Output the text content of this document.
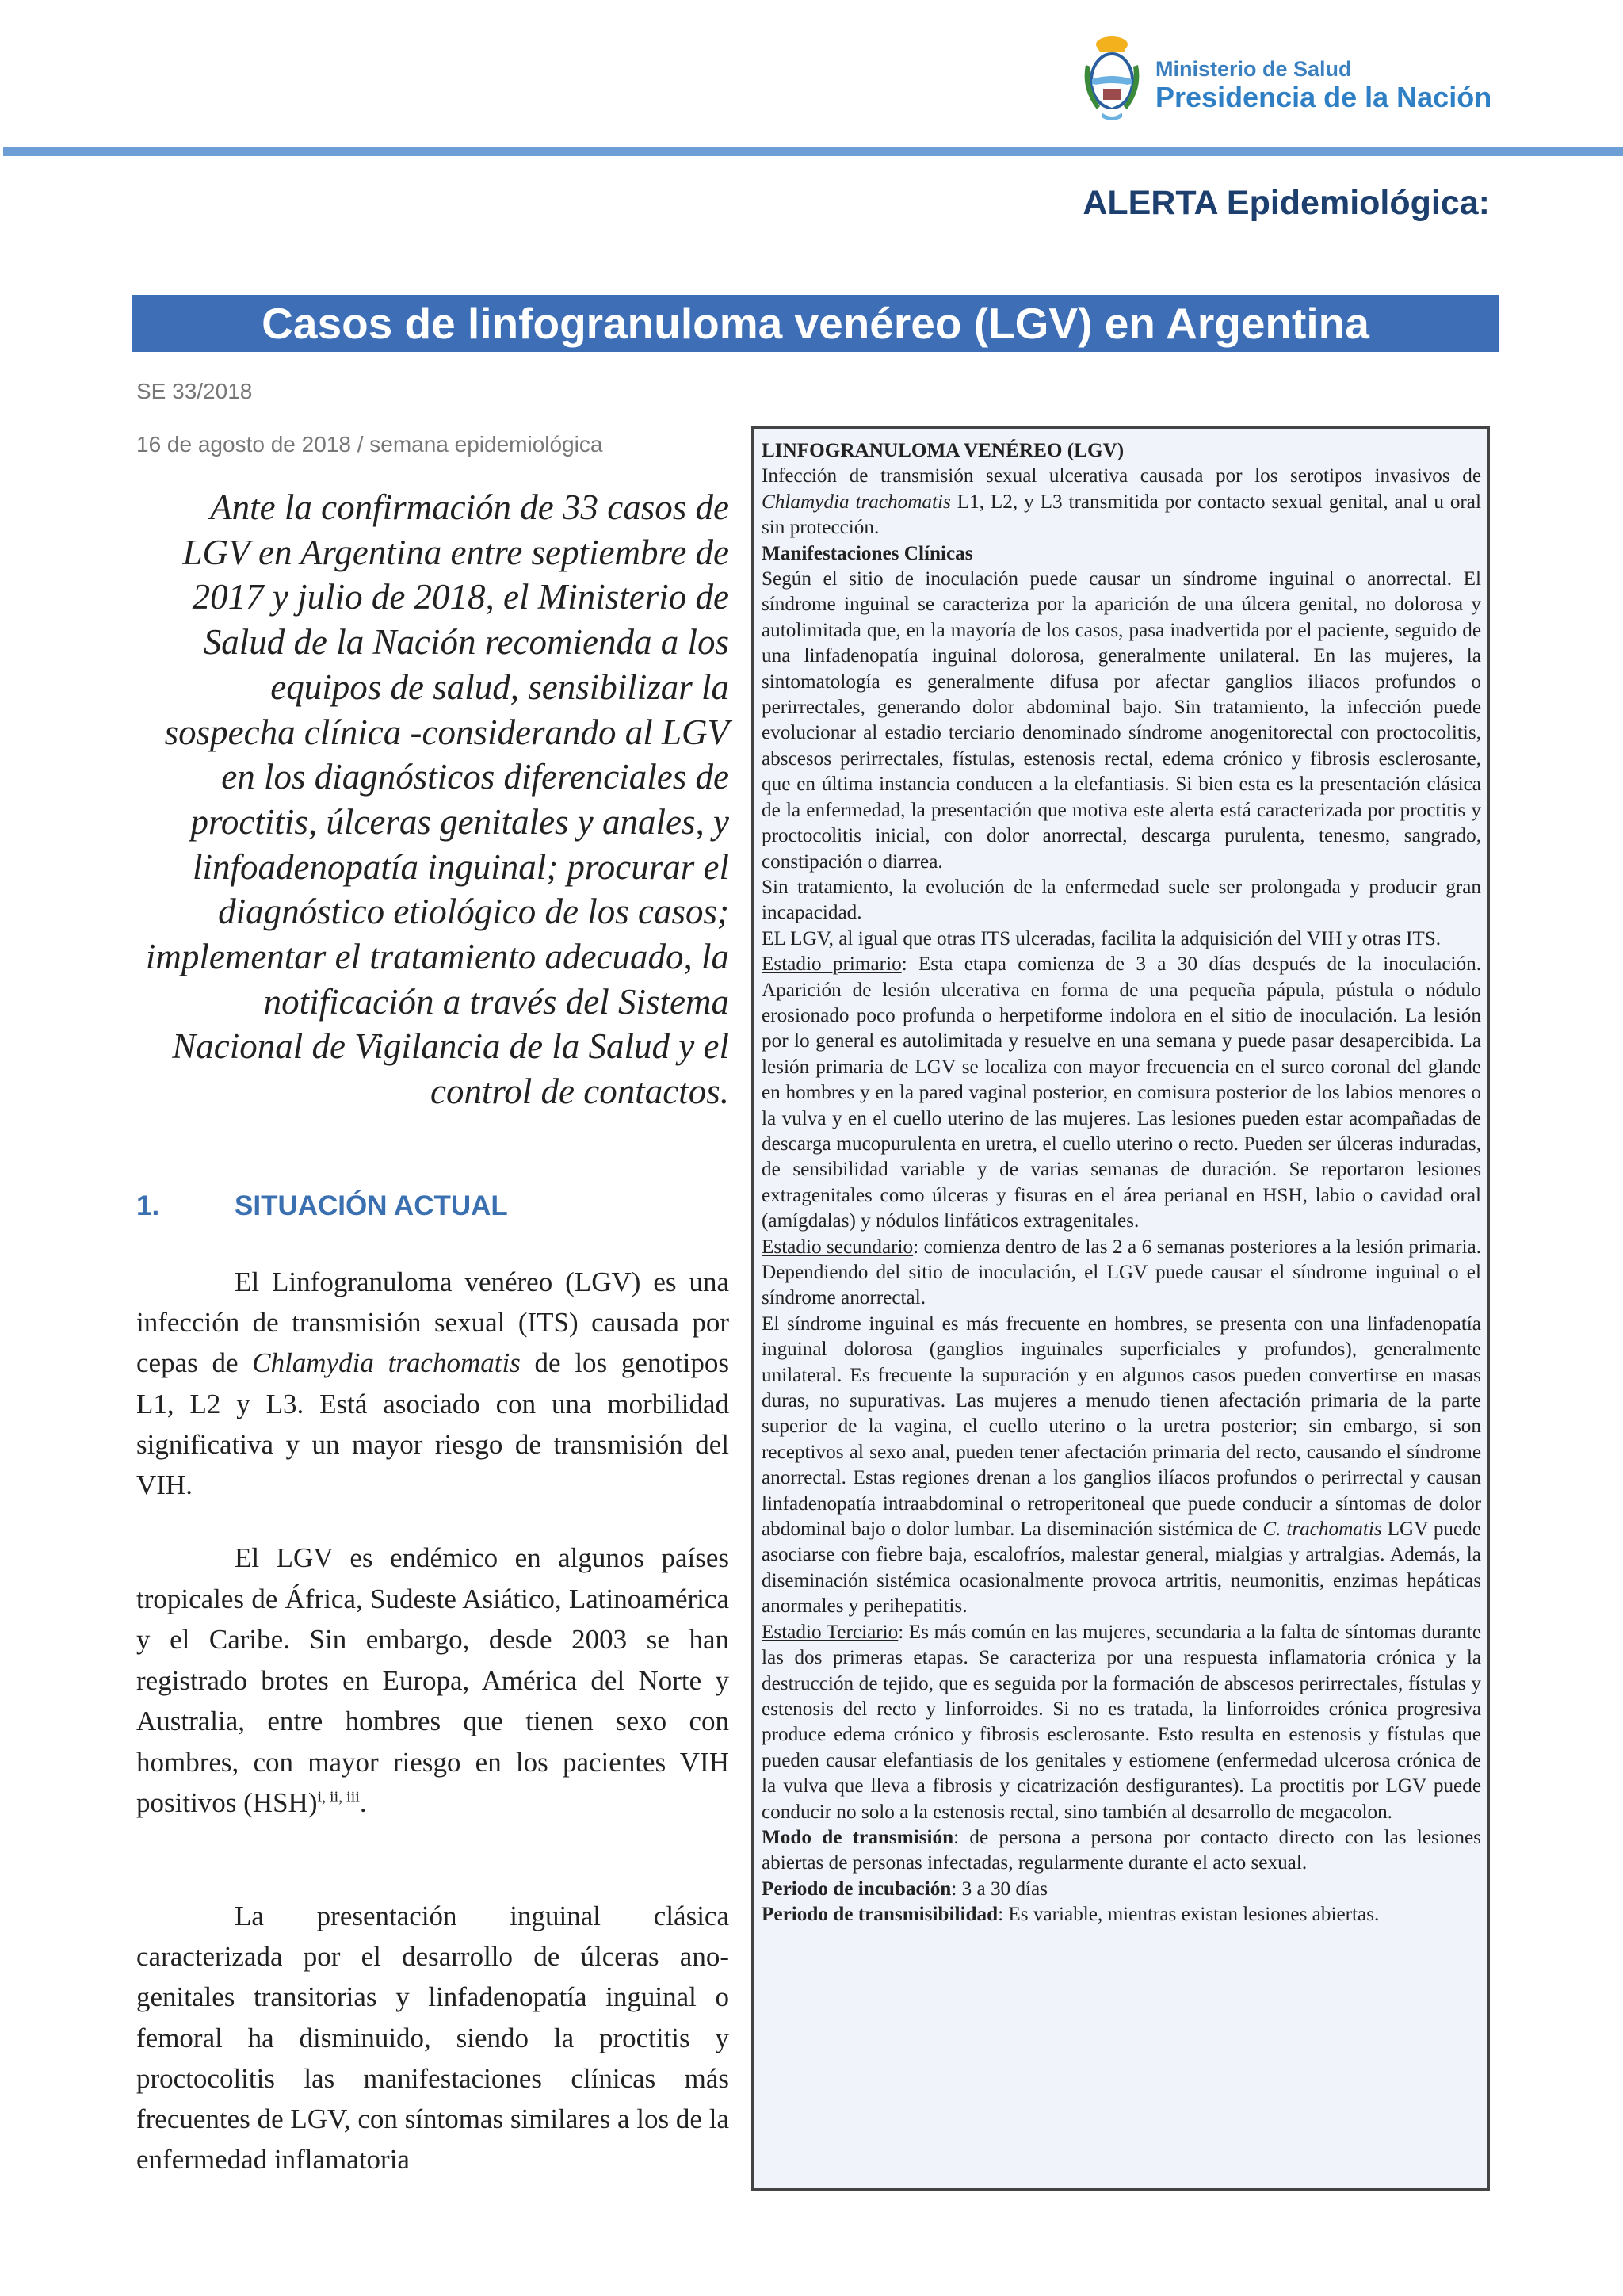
Ministerio de Salud
Presidencia de la Nación
ALERTA Epidemiológica:
Casos de linfogranuloma venéreo (LGV) en Argentina
SE 33/2018
16 de agosto de 2018 / semana epidemiológica
Ante la confirmación de 33 casos de LGV en Argentina entre septiembre de 2017 y julio de 2018, el Ministerio de Salud de la Nación recomienda a los equipos de salud, sensibilizar la sospecha clínica -considerando al LGV en los diagnósticos diferenciales de proctitis, úlceras genitales y anales, y linfoadenopatía inguinal; procurar el diagnóstico etiológico de los casos; implementar el tratamiento adecuado, la notificación a través del Sistema Nacional de Vigilancia de la Salud y el control de contactos.
1.	SITUACIÓN ACTUAL

El Linfogranuloma venéreo (LGV) es una infección de transmisión sexual (ITS) causada por cepas de Chlamydia trachomatis de los genotipos L1, L2 y L3. Está asociado con una morbilidad significativa y un mayor riesgo de transmisión del VIH.

El LGV es endémico en algunos países tropicales de África, Sudeste Asiático, Latinoamérica y el Caribe. Sin embargo, desde 2003 se han registrado brotes en Europa, América del Norte y Australia, entre hombres que tienen sexo con hombres, con mayor riesgo en los pacientes VIH positivos (HSH)$^{i, ii, iii}$.

La presentación inguinal clásica caracterizada por el desarrollo de úlceras ano-genitales transitorias y linfadenopatía inguinal o femoral ha disminuido, siendo la proctitis y proctocolitis las manifestaciones clínicas más frecuentes de LGV, con síntomas similares a los de la enfermedad inflamatoria

LINFOGRANULOMA VENÉREO (LGV)

Infección de transmisión sexual ulcerativa causada por los serotipos invasivos de Chlamydia trachomatis L1, L2, y L3 transmitida por contacto sexual genital, anal u oral sin protección.

Manifestaciones Clínicas

Según el sitio de inoculación puede causar un síndrome inguinal o anorrectal. El síndrome inguinal se caracteriza por la aparición de una úlcera genital, no dolorosa y autolimitada que, en la mayoría de los casos, pasa inadvertida por el paciente, seguido de una linfadenopatía inguinal dolorosa, generalmente unilateral. En las mujeres, la sintomatología es generalmente difusa por afectar ganglios iliacos profundos o perirrectales, generando dolor abdominal bajo. Sin tratamiento, la infección puede evolucionar al estadio terciario denominado síndrome anogenitorectal con proctocolitis, abscesos perirrectales, fístulas, estenosis rectal, edema crónico y fibrosis esclerosante, que en última instancia conducen a la elefantiasis. Si bien esta es la presentación clásica de la enfermedad, la presentación que motiva este alerta está caracterizada por proctitis y proctocolitis inicial, con dolor anorrectal, descarga purulenta, tenesmo, sangrado, constipación o diarrea.

Sin tratamiento, la evolución de la enfermedad suele ser prolongada y producir gran incapacidad.

EL LGV, al igual que otras ITS ulceradas, facilita la adquisición del VIH y otras ITS.

Estadio primario: Esta etapa comienza de 3 a 30 días después de la inoculación. Aparición de lesión ulcerativa en forma de una pequeña pápula, pústula o nódulo erosionado poco profunda o herpetiforme indolora en el sitio de inoculación. La lesión por lo general es autolimitada y resuelve en una semana y puede pasar desapercibida. La lesión primaria de LGV se localiza con mayor frecuencia en el surco coronal del glande en hombres y en la pared vaginal posterior, en comisura posterior de los labios menores o la vulva y en el cuello uterino de las mujeres. Las lesiones pueden estar acompañadas de descarga mucopurulenta en uretra, el cuello uterino o recto. Pueden ser úlceras induradas, de sensibilidad variable y de varias semanas de duración. Se reportaron lesiones extragenitales como úlceras y fisuras en el área perianal en HSH, labio o cavidad oral (amígdalas) y nódulos linfáticos extragenitales.

Estadio secundario: comienza dentro de las 2 a 6 semanas posteriores a la lesión primaria. Dependiendo del sitio de inoculación, el LGV puede causar el síndrome inguinal o el síndrome anorrectal.

El síndrome inguinal es más frecuente en hombres, se presenta con una linfadenopatía inguinal dolorosa (ganglios inguinales superficiales y profundos), generalmente unilateral. Es frecuente la supuración y en algunos casos pueden convertirse en masas duras, no supurativas. Las mujeres a menudo tienen afectación primaria de la parte superior de la vagina, el cuello uterino o la uretra posterior; sin embargo, si son receptivos al sexo anal, pueden tener afectación primaria del recto, causando el síndrome anorrectal. Estas regiones drenan a los ganglios ilíacos profundos o perirrectal y causan linfadenopatía intraabdominal o retroperitoneal que puede conducir a síntomas de dolor abdominal bajo o dolor lumbar. La diseminación sistémica de C. trachomatis LGV puede asociarse con fiebre baja, escalofríos, malestar general, mialgias y artralgias. Además, la diseminación sistémica ocasionalmente provoca artritis, neumonitis, enzimas hepáticas anormales y perihepatitis.

Estadio Terciario: Es más común en las mujeres, secundaria a la falta de síntomas durante las dos primeras etapas. Se caracteriza por una respuesta inflamatoria crónica y la destrucción de tejido, que es seguida por la formación de abscesos perirrectales, fístulas y estenosis del recto y linforroides. Si no es tratada, la linforroides crónica progresiva produce edema crónico y fibrosis esclerosante. Esto resulta en estenosis y fístulas que pueden causar elefantiasis de los genitales y estiomene (enfermedad ulcerosa crónica de la vulva que lleva a fibrosis y cicatrización desfigurantes). La proctitis por LGV puede conducir no solo a la estenosis rectal, sino también al desarrollo de megacolon.

Modo de transmisión: de persona a persona por contacto directo con las lesiones abiertas de personas infectadas, regularmente durante el acto sexual.

Periodo de incubación: 3 a 30 días

Periodo de transmisibilidad: Es variable, mientras existan lesiones abiertas.
